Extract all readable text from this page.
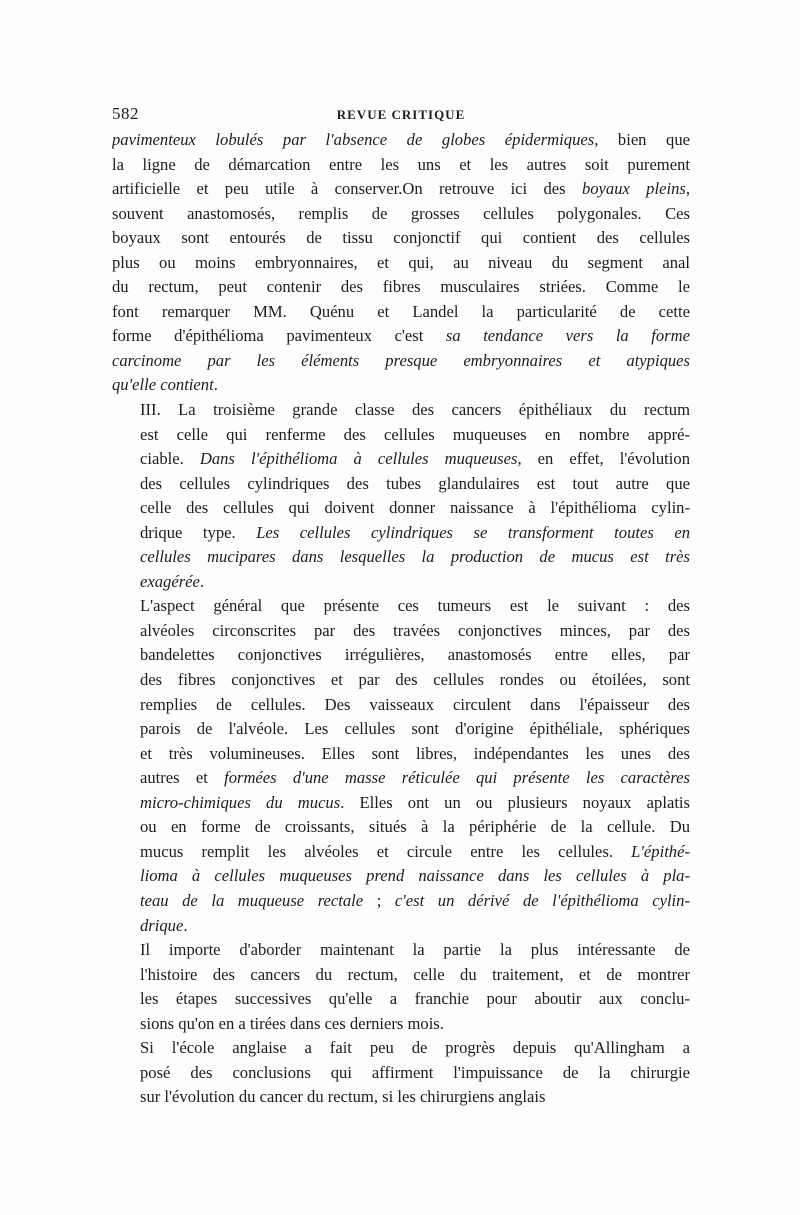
582	REVUE CRITIQUE

pavimenteux lobulés par l'absence de globes épidermiques, bien que
la ligne de démarcation entre les uns et les autres soit purement
artificielle et peu utile à conserver.On retrouve ici des boyaux pleins,
souvent anastomosés, remplis de grosses cellules polygonales. Ces
boyaux sont entourés de tissu conjonctif qui contient des cellules
plus ou moins embryonnaires, et qui, au niveau du segment anal
du rectum, peut contenir des fibres musculaires striées. Comme le
font remarquer MM. Quénu et Landel la particularité de cette
forme d'épithélioma pavimenteux c'est sa tendance vers la forme
carcinome par les éléments presque embryonnaires et atypiques
qu'elle contient.

III. La troisième grande classe des cancers épithéliaux du rectum
est celle qui renferme des cellules muqueuses en nombre appré-
ciable. Dans l'épithélioma à cellules muqueuses, en effet, l'évolution
des cellules cylindriques des tubes glandulaires est tout autre que
celle des cellules qui doivent donner naissance à l'épithélioma cylin-
drique type. Les cellules cylindriques se transforment toutes en
cellules mucipares dans lesquelles la production de mucus est très
exagérée.

L'aspect général que présente ces tumeurs est le suivant : des
alvéoles circonscrites par des travées conjonctives minces, par des
bandelettes conjonctives irrégulières, anastomosés entre elles, par
des fibres conjonctives et par des cellules rondes ou étoilées, sont
remplies de cellules. Des vaisseaux circulent dans l'épaisseur des
parois de l'alvéole. Les cellules sont d'origine épithéliale, sphériques
et très volumineuses. Elles sont libres, indépendantes les unes des
autres et formées d'une masse réticulée qui présente les caractères
micro-chimiques du mucus. Elles ont un ou plusieurs noyaux aplatis
ou en forme de croissants, situés à la périphérie de la cellule. Du
mucus remplit les alvéoles et circule entre les cellules. L'épithé-
lioma à cellules muqueuses prend naissance dans les cellules à pla-
teau de la muqueuse rectale ; c'est un dérivé de l'épithélioma cylin-
drique.

Il importe d'aborder maintenant la partie la plus intéressante de
l'histoire des cancers du rectum, celle du traitement, et de montrer
les étapes successives qu'elle a franchie pour aboutir aux conclu-
sions qu'on en a tirées dans ces derniers mois.

Si l'école anglaise a fait peu de progrès depuis qu'Allingham a
posé des conclusions qui affirment l'impuissance de la chirurgie
sur l'évolution du cancer du rectum, si les chirurgiens anglais
